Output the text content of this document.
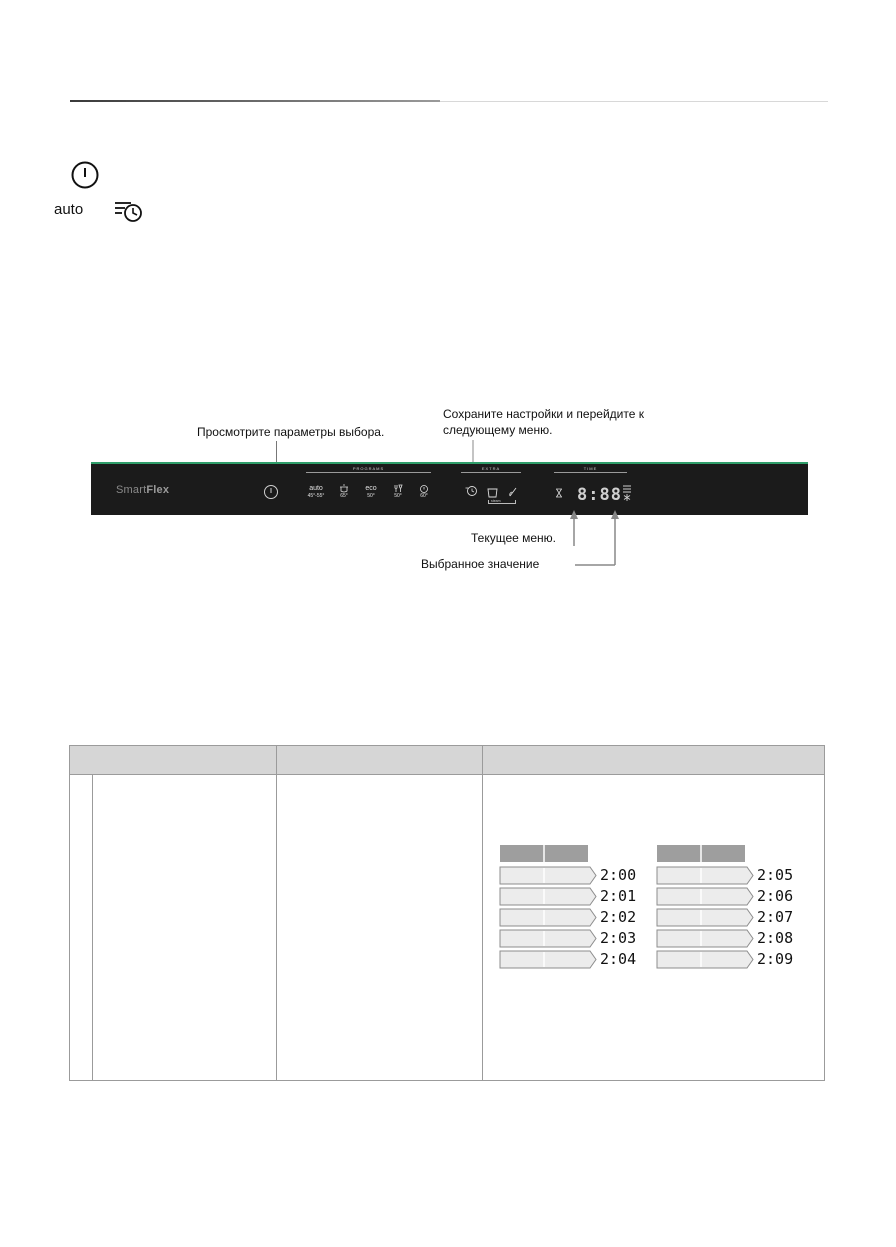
auto
Просмотрите параметры выбора.
Сохраните настройки и перейдите к
следующему меню.
SmartFlex
PROGRAMS
auto
45°-55°	65°
eco
50°	50°	60°
EXTRA
steam
TIME
8:88
Текущее меню.
Выбранное значение
2:00
2:01
2:02
2:03
2:04
2:05
2:06
2:07
2:08
2:09
